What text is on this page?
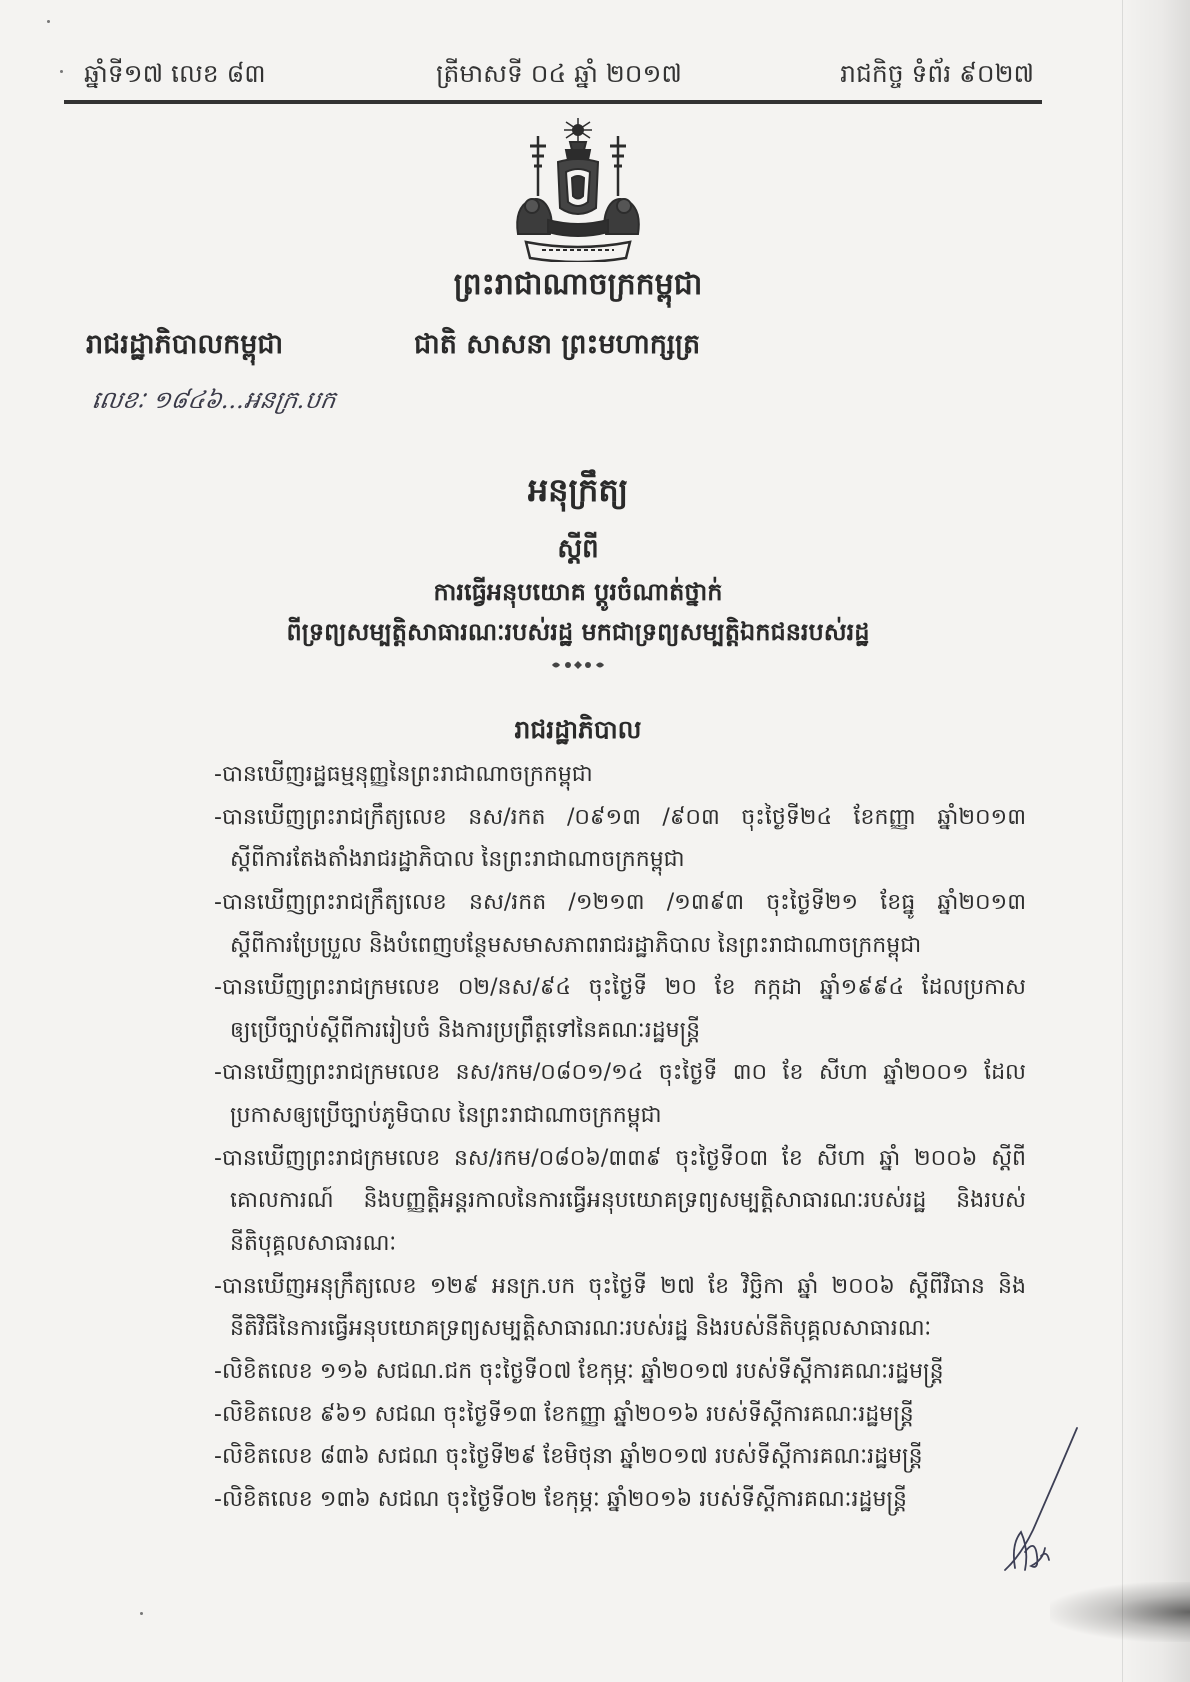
ឆ្នាំទី១៧ លេខ ៨៣	ត្រីមាសទី ០៤ ឆ្នាំ ២០១៧	រាជកិច្ច ទំព័រ ៩០២៧
ព្រះរាជាណាចក្រកម្ពុជា
រាជរដ្ឋាភិបាលកម្ពុជា	ជាតិ សាសនា ព្រះមហាក្សត្រ
លេខៈ ១៨៤៦...អនក្រ.បក
អនុក្រឹត្យ
ស្តីពី
ការធ្វើអនុបយោគ ប្តូរចំណាត់ថ្នាក់
ពីទ្រព្យសម្បត្តិសាធារណៈរបស់រដ្ឋ មកជាទ្រព្យសម្បត្តិឯកជនរបស់រដ្ឋ
រាជរដ្ឋាភិបាល
-បានឃើញរដ្ឋធម្មនុញ្ញនៃព្រះរាជាណាចក្រកម្ពុជា
-បានឃើញព្រះរាជក្រឹត្យលេខ នស/រកត /០៩១៣ /៩០៣ ចុះថ្ងៃទី២៤ ខែកញ្ញា ឆ្នាំ២០១៣
ស្តីពីការតែងតាំងរាជរដ្ឋាភិបាល នៃព្រះរាជាណាចក្រកម្ពុជា
-បានឃើញព្រះរាជក្រឹត្យលេខ នស/រកត /១២១៣ /១៣៩៣ ចុះថ្ងៃទី២១ ខែធ្នូ ឆ្នាំ២០១៣
ស្តីពីការប្រែប្រួល និងបំពេញបន្ថែមសមាសភាពរាជរដ្ឋាភិបាល នៃព្រះរាជាណាចក្រកម្ពុជា
-បានឃើញព្រះរាជក្រមលេខ ០២/នស/៩៤ ចុះថ្ងៃទី ២០ ខែ កក្កដា ឆ្នាំ១៩៩៤ ដែលប្រកាស
ឲ្យប្រើច្បាប់ស្តីពីការរៀបចំ និងការប្រព្រឹត្តទៅនៃគណៈរដ្ឋមន្ត្រី
-បានឃើញព្រះរាជក្រមលេខ នស/រកម/០៨០១/១៤ ចុះថ្ងៃទី ៣០ ខែ សីហា ឆ្នាំ២០០១ ដែល
ប្រកាសឲ្យប្រើច្បាប់ភូមិបាល នៃព្រះរាជាណាចក្រកម្ពុជា
-បានឃើញព្រះរាជក្រមលេខ នស/រកម/០៨០៦/៣៣៩ ចុះថ្ងៃទី០៣ ខែ សីហា ឆ្នាំ ២០០៦ ស្តីពី
គោលការណ៍ និងបញ្ញត្តិអន្តរកាលនៃការធ្វើអនុបយោគទ្រព្យសម្បត្តិសាធារណៈរបស់រដ្ឋ និងរបស់
នីតិបុគ្គលសាធារណៈ
-បានឃើញអនុក្រឹត្យលេខ ១២៩ អនក្រ.បក ចុះថ្ងៃទី ២៧ ខែ វិច្ឆិកា ឆ្នាំ ២០០៦ ស្តីពីវិធាន និង
នីតិវិធីនៃការធ្វើអនុបយោគទ្រព្យសម្បត្តិសាធារណៈរបស់រដ្ឋ និងរបស់នីតិបុគ្គលសាធារណៈ
-លិខិតលេខ ១១៦ សជណ.ជក ចុះថ្ងៃទី០៧ ខែកុម្ភៈ ឆ្នាំ២០១៧ របស់ទីស្តីការគណៈរដ្ឋមន្ត្រី
-លិខិតលេខ ៩៦១ សជណ ចុះថ្ងៃទី១៣ ខែកញ្ញា ឆ្នាំ២០១៦ របស់ទីស្តីការគណៈរដ្ឋមន្ត្រី
-លិខិតលេខ ៨៣៦ សជណ ចុះថ្ងៃទី២៩ ខែមិថុនា ឆ្នាំ២០១៧ របស់ទីស្តីការគណៈរដ្ឋមន្ត្រី
-លិខិតលេខ ១៣៦ សជណ ចុះថ្ងៃទី០២ ខែកុម្ភៈ ឆ្នាំ២០១៦ របស់ទីស្តីការគណៈរដ្ឋមន្ត្រី
